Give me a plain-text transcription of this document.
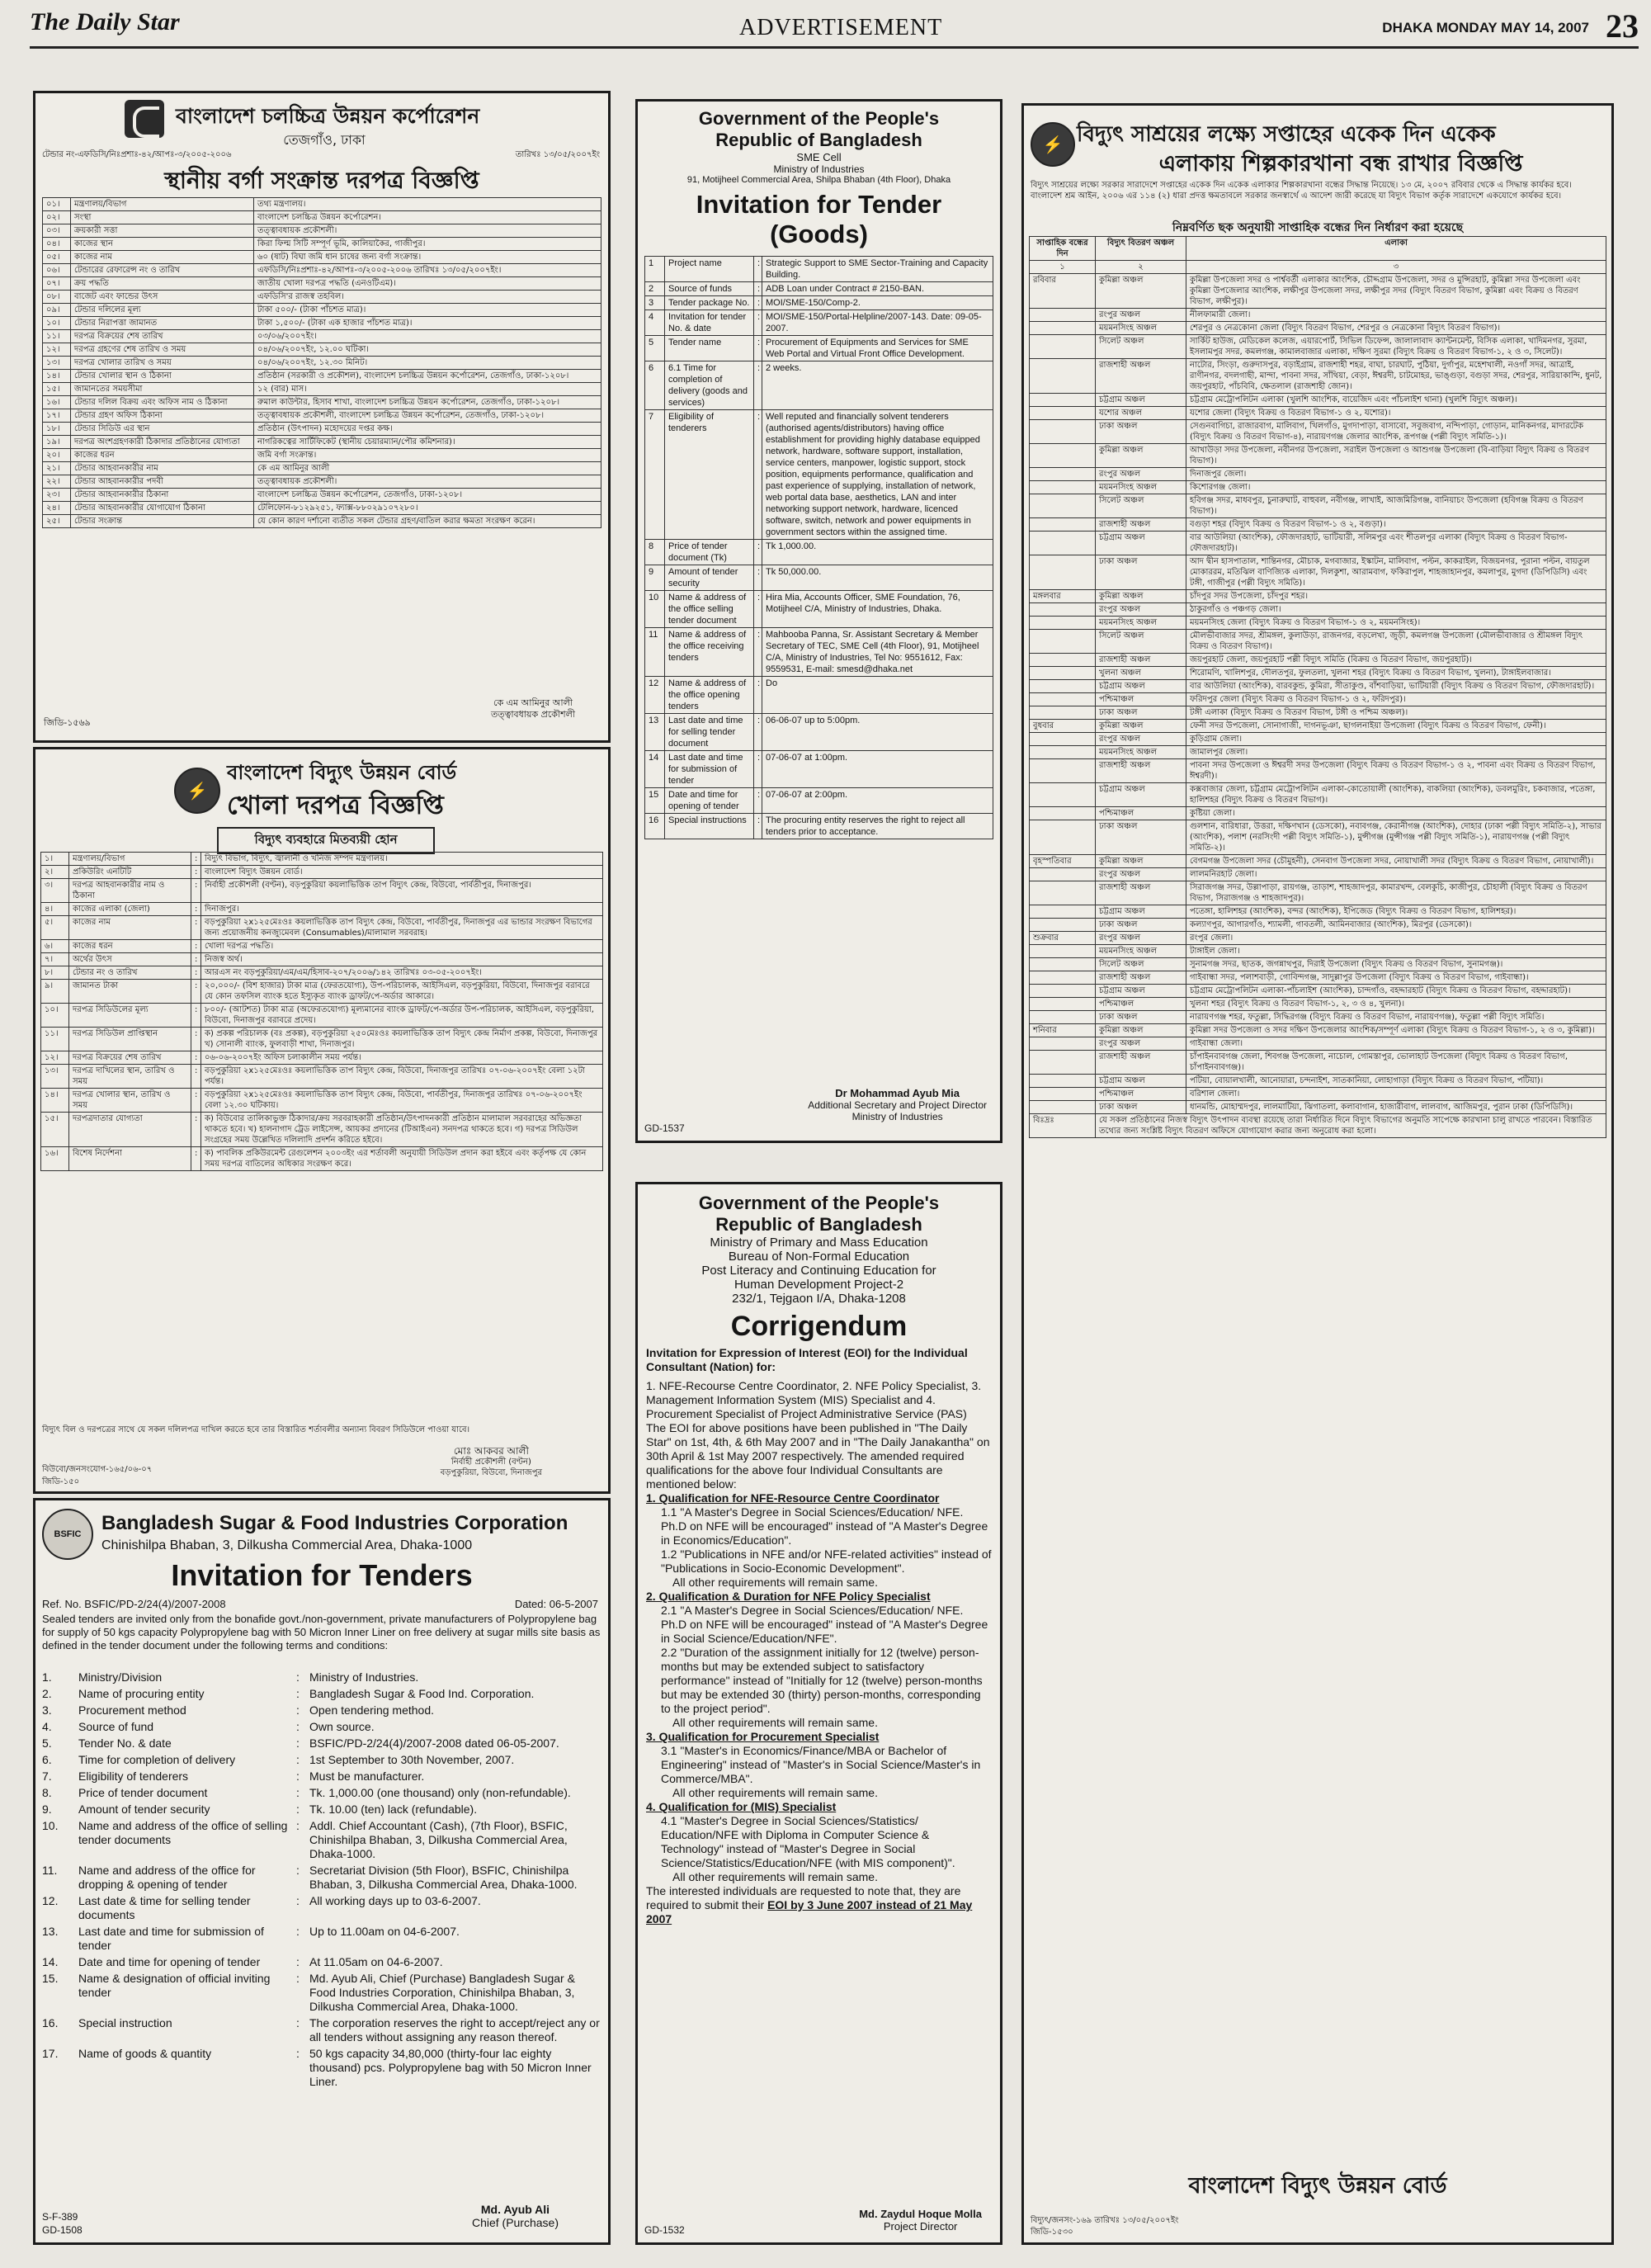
The Daily Star	ADVERTISEMENT	DHAKA MONDAY MAY 14, 2007 23
বাংলাদেশ চলচ্চিত্র উন্নয়ন কর্পোরেশন
তেজগাঁও, ঢাকা
টেন্ডার নং-এফডিসি/নিঃপ্রশাঃ-৪২/আপঃ-৩/২০০৫-২০০৬	তারিখঃ ১৩/০৫/২০০৭ইং
স্থানীয় বর্গা সংক্রান্ত দরপত্র বিজ্ঞপ্তি
০১।	মন্ত্রণালয়/বিভাগ	তথ্য মন্ত্রণালয়।
০২।	সংস্থা	বাংলাদেশ চলচ্চিত্র উন্নয়ন কর্পোরেশন।
০৩।	ক্রয়কারী সত্তা	তত্ত্বাবধায়ক প্রকৌশলী।
০৪।	কাজের স্থান	কিরা ফিল্ম সিটি সম্পূর্ণ ভূমি, কালিয়াকৈর, গাজীপুর।
০৫।	কাজের নাম	৬০ (ষাট) বিঘা জমি ধান চাষের জন্য বর্গা সংক্রান্ত।
০৬।	টেন্ডারের রেফারেন্স নং ও তারিখ	এফডিসি/নিঃপ্রশাঃ-৪২/আপঃ-৩/২০০৫-২০০৬ তারিখঃ ১৩/০৫/২০০৭ইং।
০৭।	ক্রয় পদ্ধতি	জাতীয় খোলা দরপত্র পদ্ধতি (এনওটিএম)।
০৮।	বাজেট এবং ফান্ডের উৎস	এফডিসি'র রাজস্ব তহবিল।
০৯।	টেন্ডার দলিলের মূল্য	টাকা ৫০০/- (টাকা পাঁচশত মাত্র)।
১০।	টেন্ডার নিরাপত্তা জামানত	টাকা ১,৫০০/- (টাকা এক হাজার পাঁচশত মাত্র)।
১১।	দরপত্র বিক্রয়ের শেষ তারিখ	০৩/০৬/২০০৭ইং।
১২।	দরপত্র গ্রহণের শেষ তারিখ ও সময়	০৪/০৬/২০০৭ইং, ১২.০০ ঘটিকা।
১৩।	দরপত্র খোলার তারিখ ও সময়	০৪/০৬/২০০৭ইং, ১২.৩০ মিনিট।
১৪।	টেন্ডার খোলার স্থান ও ঠিকানা	প্রতিষ্ঠান (সরকারী ও প্রকৌশল), বাংলাদেশ চলচ্চিত্র উন্নয়ন কর্পোরেশন, তেজগাঁও, ঢাকা-১২০৮।
১৫।	জামানতের সময়সীমা	১২ (বার) মাস।
১৬।	টেন্ডার দলিল বিক্রয় এবং অফিস নাম ও ঠিকানা	রুমাল কাউন্টার, হিসাব শাখা, বাংলাদেশ চলচ্চিত্র উন্নয়ন কর্পোরেশন, তেজগাঁও, ঢাকা-১২০৮।
১৭।	টেন্ডার গ্রহণ অফিস ঠিকানা	তত্ত্বাবধায়ক প্রকৌশলী, বাংলাদেশ চলচ্চিত্র উন্নয়ন কর্পোরেশন, তেজগাঁও, ঢাকা-১২০৮।
১৮।	টেন্ডার সিডিউ এর স্থান	প্রতিষ্ঠান (উৎপাদন) মহোদয়ের দপ্তর কক্ষ।
১৯।	দরপত্র অংশগ্রহণকারী ঠিকাদার প্রতিষ্ঠানের যোগ্যতা	নাগরিকত্বের সার্টিফিকেট (স্থানীয় চেয়ারম্যান/পৌর কমিশনার)।
২০।	কাজের ধরন	জমি বর্গা সংক্রান্ত।
২১।	টেন্ডার আহবানকারীর নাম	কে এম আমিনুর আলী
২২।	টেন্ডার আহবানকারীর পদবী	তত্ত্বাবধায়ক প্রকৌশলী।
২৩।	টেন্ডার আহবানকারীর ঠিকানা	বাংলাদেশ চলচ্চিত্র উন্নয়ন কর্পোরেশন, তেজগাঁও, ঢাকা-১২০৮।
২৪।	টেন্ডার আহবানকারীর যোগাযোগ ঠিকানা	টেলিফোন-৮১২৯২৫১, ফ্যাক্স-৮৮০২৯১০৭২৮০।
২৫।	টেন্ডার সংক্রান্ত	যে কোন কারণ দর্শানো ব্যতীত সকল টেন্ডার গ্রহণ/বাতিল করার ক্ষমতা সংরক্ষণ করেন।
জিডি-১৫৬৯
কে এম আমিনুর আলী
তত্ত্বাবধায়ক প্রকৌশলী
⚡
বাংলাদেশ বিদ্যুৎ উন্নয়ন বোর্ড
খোলা দরপত্র বিজ্ঞপ্তি
বিদ্যুৎ ব্যবহারে মিতব্যয়ী হোন
১।	মন্ত্রণালয়/বিভাগ	:	বিদ্যুৎ বিভাগ, বিদ্যুৎ, জ্বালানী ও খনিজ সম্পদ মন্ত্রণালয়।
২।	প্রকিউরিং এনটিটি	:	বাংলাদেশ বিদ্যুৎ উন্নয়ন বোর্ড।
৩।	দরপত্র আহবানকারীর নাম ও ঠিকানা	:	নির্বাহী প্রকৌশলী (বণ্টন), বড়পুকুরিয়া কয়লাভিত্তিক তাপ বিদ্যুৎ কেন্দ্র, বিউবো, পার্বতীপুর, দিনাজপুর।
৪।	কাজের এলাকা (জেলা)	:	দিনাজপুর।
৫।	কাজের নাম	:	বড়পুকুরিয়া ২x১২৫মেঃওঃ কয়লাভিত্তিক তাপ বিদ্যুৎ কেন্দ্র, বিউবো, পার্বতীপুর, দিনাজপুর এর ভান্ডার সংরক্ষণ বিভাগের জন্য প্রয়োজনীয় কনজ্যুমেবল (Consumables)/মালামাল সরবরাহ।
৬।	কাজের ধরন	:	খোলা দরপত্র পদ্ধতি।
৭।	অর্থের উৎস	:	নিজস্ব অর্থ।
৮।	টেন্ডার নং ও তারিখ	:	আরএস নং বড়পুকুরিয়া/এম/এম/হিসাব-২০৭/২০০৬/১৪২ তারিখঃ ০৩-০৫-২০০৭ইং।
৯।	জামানত টাকা	:	২০,০০০/- (বিশ হাজার) টাকা মাত্র (ফেরতযোগ্য), উপ-পরিচালক, আইসিএল, বড়পুকুরিয়া, বিউবো, দিনাজপুর বরাবরে যে কোন তফসিল ব্যাংক হতে ইস্যুকৃত ব্যাংক ড্রাফট/পে-অর্ডার আকারে।
১০।	দরপত্র সিডিউলের মূল্য	:	৮০০/- (আটশত) টাকা মাত্র (অফেরতযোগ্য) মূল্যমানের ব্যাংক ড্রাফট/পে-অর্ডার উপ-পরিচালক, আইসিএল, বড়পুকুরিয়া, বিউবো, দিনাজপুর বরাবরে প্রদেয়।
১১।	দরপত্র সিডিউল প্রাপ্তিস্থান	:	ক) প্রকল্প পরিচালক (বঃ প্রকল্প), বড়পুকুরিয়া ২৫০মেঃওঃ কয়লাভিত্তিক তাপ বিদ্যুৎ কেন্দ্র নির্মাণ প্রকল্প, বিউবো, দিনাজপুর খ) সোনালী ব্যাংক, ফুলবাড়ী শাখা, দিনাজপুর।
১২।	দরপত্র বিক্রয়ের শেষ তারিখ	:	০৬-০৬-২০০৭ইং অফিস চলাকালীন সময় পর্যন্ত।
১৩।	দরপত্র দাখিলের স্থান, তারিখ ও সময়	:	বড়পুকুরিয়া ২x১২৫মেঃওঃ কয়লাভিত্তিক তাপ বিদ্যুৎ কেন্দ্র, বিউবো, দিনাজপুর তারিখঃ ০৭-০৬-২০০৭ইং বেলা ১২টা পর্যন্ত।
১৪।	দরপত্র খোলার স্থান, তারিখ ও সময়	:	বড়পুকুরিয়া ২x১২৫মেঃওঃ কয়লাভিত্তিক তাপ বিদ্যুৎ কেন্দ্র, বিউবো, পার্বতীপুর, দিনাজপুর তারিখঃ ০৭-০৬-২০০৭ইং বেলা ১২.৩০ ঘটিকায়।
১৫।	দরপত্রদাতার যোগ্যতা	:	ক) বিউবোর তালিকাভুক্ত ঠিকাদার/ক্রয় সরবরাহকারী প্রতিষ্ঠান/উৎপাদনকারী প্রতিষ্ঠান মালামাল সরবরাহের অভিজ্ঞতা থাকতে হবে। খ) হালনাগাদ ট্রেড লাইসেন্স, আয়কর প্রদানের (টিআইএন) সনদপত্র থাকতে হবে। গ) দরপত্র সিডিউল সংগ্রহের সময় উল্লেখিত দলিলাদি প্রদর্শন করিতে হইবে।
১৬।	বিশেষ নির্দেশনা	:	ক) পাবলিক প্রকিউরমেন্ট রেগুলেশন ২০০৩ইং এর শর্তাবলী অনুযায়ী সিডিউল প্রদান করা হইবে এবং কর্তৃপক্ষ যে কোন সময় দরপত্র বাতিলের অধিকার সংরক্ষণ করে।
বিদ্যুৎ বিল ও দরপত্রের সাথে যে সকল দলিলপত্র দাখিল করতে হবে তার বিস্তারিত শর্তাবলীর অন্যান্য বিবরণ সিডিউলে পাওয়া যাবে।
বিউবো/জনসংযোগ-১৬৫/০৬-০৭
জিডি-১৫০
মোঃ আকবর আলী
নির্বাহী প্রকৌশলী (বণ্টন)
বড়পুকুরিয়া, বিউবো, দিনাজপুর
BSFIC	Bangladesh Sugar & Food Industries Corporation
Chinishilpa Bhaban, 3, Dilkusha Commercial Area, Dhaka-1000
Invitation for Tenders
Ref. No. BSFIC/PD-2/24(4)/2007-2008	Dated: 06-5-2007
Sealed tenders are invited only from the bonafide govt./non-government, private manufacturers of Polypropylene bag for supply of 50 kgs capacity Polypropylene bag with 50 Micron Inner Liner on free delivery at sugar mills site basis as defined in the tender document under the following terms and conditions:
1.	Ministry/Division	: Ministry of Industries.
2.	Name of procuring entity	: Bangladesh Sugar & Food Ind. Corporation.
3.	Procurement method	: Open tendering method.
4.	Source of fund	: Own source.
5.	Tender No. & date	: BSFIC/PD-2/24(4)/2007-2008 dated 06-05-2007.
6.	Time for completion of delivery	: 1st September to 30th November, 2007.
7.	Eligibility of tenderers	: Must be manufacturer.
8.	Price of tender document	: Tk. 1,000.00 (one thousand) only (non-refundable).
9.	Amount of tender security	: Tk. 10.00 (ten) lack (refundable).
10.	Name and address of the office of selling tender documents
: Addl. Chief Accountant (Cash), (7th Floor), BSFIC, Chinishilpa Bhaban, 3, Dilkusha Commercial Area, Dhaka-1000.
11.	Name and address of the office for dropping & opening of tender
: Secretariat Division (5th Floor), BSFIC, Chinishilpa Bhaban, 3, Dilkusha Commercial Area, Dhaka-1000.
12.	Last date & time for selling tender documents
: All working days up to 03-6-2007.
13.	Last date and time for submission of tender
: Up to 11.00am on 04-6-2007.
14.	Date and time for opening of tender	: At 11.05am on 04-6-2007.
15.	Name & designation of official inviting tender
: Md. Ayub Ali, Chief (Purchase) Bangladesh Sugar & Food Industries Corporation, Chinishilpa Bhaban, 3, Dilkusha Commercial Area, Dhaka-1000.
16.	Special instruction	: The corporation reserves the right to accept/reject any or all tenders without assigning any reason thereof.
17.	Name of goods & quantity	: 50 kgs capacity 34,80,000 (thirty-four lac eighty thousand) pcs. Polypropylene bag with 50 Micron Inner Liner.
Md. Ayub Ali
Chief (Purchase)
S-F-389
GD-1508
Government of the People's
Republic of Bangladesh
SME Cell
Ministry of Industries
91, Motijheel Commercial Area, Shilpa Bhaban (4th Floor), Dhaka
Invitation for Tender
(Goods)
1	Project name	:	Strategic Support to SME Sector-Training and Capacity Building.
2	Source of funds	:	ADB Loan under Contract # 2150-BAN.
3	Tender package No.	:	MOI/SME-150/Comp-2.
4	Invitation for tender No. & date	:	MOI/SME-150/Portal-Helpline/2007-143. Date: 09-05-2007.
5	Tender name	:	Procurement of Equipments and Services for SME Web Portal and Virtual Front Office Development.
6	6.1 Time for completion of delivery (goods and services)	:	2 weeks.
7	Eligibility of tenderers	:	Well reputed and financially solvent tenderers (authorised agents/distributors) having office establishment for providing highly database equipped network, hardware, software support, installation, service centers, manpower, logistic support, stock position, equipments performance, qualification and past experience of supplying, installation of network, web portal data base, aesthetics, LAN and inter networking support network, hardware, licenced software, switch, network and power equipments in government sectors within the assigned time.
8	Price of tender document (Tk)	:	Tk 1,000.00.
9	Amount of tender security	:	Tk 50,000.00.
10	Name & address of the office selling tender document	:	Hira Mia, Accounts Officer, SME Foundation, 76, Motijheel C/A, Ministry of Industries, Dhaka.
11	Name & address of the office receiving tenders	:	Mahbooba Panna, Sr. Assistant Secretary & Member Secretary of TEC, SME Cell (4th Floor), 91, Motijheel C/A, Ministry of Industries, Tel No: 9551612, Fax: 9559531, E-mail: smesd@dhaka.net
12	Name & address of the office opening tenders	:	Do
13	Last date and time for selling tender document	:	06-06-07 up to 5:00pm.
14	Last date and time for submission of tender	:	07-06-07 at 1:00pm.
15	Date and time for opening of tender	:	07-06-07 at 2:00pm.
16	Special instructions	:	The procuring entity reserves the right to reject all tenders prior to acceptance.
Dr Mohammad Ayub Mia
Additional Secretary and Project Director
Ministry of Industries
GD-1537
Government of the People's
Republic of Bangladesh
Ministry of Primary and Mass Education
Bureau of Non-Formal Education
Post Literacy and Continuing Education for
Human Development Project-2
232/1, Tejgaon I/A, Dhaka-1208
Corrigendum

Invitation for Expression of Interest (EOI) for the Individual Consultant (Nation) for:

1. NFE-Recourse Centre Coordinator, 2. NFE Policy Specialist, 3. Management Information System (MIS) Specialist and 4. Procurement Specialist of Project Administrative Service (PAS)

The EOI for above positions have been published in "The Daily Star" on 1st, 4th, & 6th May 2007 and in "The Daily Janakantha" on 30th April & 1st May 2007 respectively. The amended required qualifications for the above four Individual Consultants are mentioned below:

1. Qualification for NFE-Resource Centre Coordinator

1.1 "A Master's Degree in Social Sciences/Education/ NFE. Ph.D on NFE will be encouraged" instead of "A Master's Degree in Economics/Education".

1.2 "Publications in NFE and/or NFE-related activities" instead of "Publications in Socio-Economic Development".

All other requirements will remain same.

2. Qualification & Duration for NFE Policy Specialist

2.1 "A Master's Degree in Social Sciences/Education/ NFE. Ph.D on NFE will be encouraged" instead of "A Master's Degree in Social Science/Education/NFE".

2.2 "Duration of the assignment initially for 12 (twelve) person-months but may be extended subject to satisfactory performance" instead of "Initially for 12 (twelve) person-months but may be extended 30 (thirty) person-months, corresponding to the project period".

All other requirements will remain same.

3. Qualification for Procurement Specialist

3.1 "Master's in Economics/Finance/MBA or Bachelor of Engineering" instead of "Master's in Social Science/Master's in Commerce/MBA".

All other requirements will remain same.

4. Qualification for (MIS) Specialist

4.1 "Master's Degree in Social Sciences/Statistics/ Education/NFE with Diploma in Computer Science & Technology" instead of "Master's Degree in Social Science/Statistics/Education/NFE (with MIS component)".

All other requirements will remain same.

The interested individuals are requested to note that, they are required to submit their EOI by 3 June 2007 instead of 21 May 2007

Md. Zaydul Hoque Molla
Project Director
GD-1532
⚡ বিদ্যুৎ সাশ্রয়ের লক্ষ্যে সপ্তাহের একেক দিন একেক
এলাকায় শিল্পকারখানা বন্ধ রাখার বিজ্ঞপ্তি
বিদ্যুৎ সাশ্রয়ের লক্ষ্যে সরকার সারাদেশে সপ্তাহের একেক দিন একেক এলাকার শিল্পকারখানা বন্ধের সিদ্ধান্ত নিয়েছে। ১৩ মে, ২০০৭ রবিবার থেকে এ সিদ্ধান্ত কার্যকর হবে। বাংলাদেশ শ্রম আইন, ২০০৬ এর ১১৪ (২) ধারা প্রদত্ত ক্ষমতাবলে সরকার জনস্বার্থে এ আদেশ জারী করেছে যা বিদ্যুৎ বিভাগ কর্তৃক সারাদেশে একযোগে কার্যকর হবে।
নিম্নবর্ণিত ছক অনুযায়ী সাপ্তাহিক বন্ধের দিন নির্ধারণ করা হয়েছে
সাপ্তাহিক বন্ধের দিন	বিদ্যুৎ বিতরণ অঞ্চল	এলাকা
১	২	৩
রবিবার	কুমিল্লা অঞ্চল	কুমিল্লা উপজেলা সদর ও পার্শ্ববর্তী এলাকার আংশিক, চৌদ্দগ্রাম উপজেলা, সদর ও মুন্সিরহাট, কুমিল্লা সদর উপজেলা এবং কুমিল্লা উপজেলার আংশিক, লক্ষীপুর উপজেলা সদর, লক্ষীপুর সদর (বিদ্যুৎ বিতরণ বিভাগ, কুমিল্লা এবং বিক্রয় ও বিতরণ বিভাগ, লক্ষীপুর)।
	রংপুর অঞ্চল	নীলফামারী জেলা।
	ময়মনসিংহ অঞ্চল	শেরপুর ও নেত্রকোনা জেলা (বিদ্যুৎ বিতরণ বিভাগ, শেরপুর ও নেত্রকোনা বিদ্যুৎ বিতরণ বিভাগ)।
	সিলেট অঞ্চল	সার্কিট হাউজ, মেডিকেল কলেজ, এয়ারপোর্ট, সিভিল ডিফেন্স, জালালাবাদ ক্যান্টনমেন্ট, বিসিক এলাকা, খাদিমনগর, সুরমা, ইসলামপুর সদর, কমলগঞ্জ, কামালবাজার এলাকা, দক্ষিণ সুরমা (বিদ্যুৎ বিক্রয় ও বিতরণ বিভাগ-১, ২ ও ৩, সিলেট)।
	রাজশাহী অঞ্চল	নাটোর, সিংড়া, গুরুদাসপুর, বড়াইগ্রাম, রাজশাহী শহর, বাঘা, চারঘাট, পুঠিয়া, দুর্গাপুর, মহেশখালী, নওগাঁ সদর, আত্রাই, রাণীনগর, বদলগাছী, মান্দা, পাবনা সদর, সাঁথিয়া, বেড়া, ঈশ্বরদী, চাটমোহর, ভাঙ্গুড়া, বগুড়া সদর, শেরপুর, সারিয়াকান্দি, ধুনট, জয়পুরহাট, পাঁচবিবি, ক্ষেতলাল (রাজশাহী জোন)।
	চট্টগ্রাম অঞ্চল	চট্টগ্রাম মেট্রোপলিটন এলাকা (খুলশি আংশিক, বায়েজিদ এবং পাঁচলাইশ থানা) (খুলশি বিদ্যুৎ অঞ্চল)।
	যশোর অঞ্চল	যশোর জেলা (বিদ্যুৎ বিক্রয় ও বিতরণ বিভাগ-১ ও ২, যশোর)।
	ঢাকা অঞ্চল	সেগুনবাগিচা, রাজারবাগ, মালিবাগ, খিলগাঁও, মুগদাপাড়া, বাসাবো, সবুজবাগ, নন্দিপাড়া, গোড়ান, মানিকনগর, মাদারটেক (বিদ্যুৎ বিক্রয় ও বিতরণ বিভাগ-৪), নারায়ণগঞ্জ জেলার আংশিক, রূপগঞ্জ (পল্লী বিদ্যুৎ সমিতি-১)।
	কুমিল্লা অঞ্চল	আখাউড়া সদর উপজেলা, নবীনগর উপজেলা, সরাইল উপজেলা ও আশুগঞ্জ উপজেলা (বি-বাড়িয়া বিদ্যুৎ বিক্রয় ও বিতরণ বিভাগ)।
	রংপুর অঞ্চল	দিনাজপুর জেলা।
	ময়মনসিংহ অঞ্চল	কিশোরগঞ্জ জেলা।
	সিলেট অঞ্চল	হবিগঞ্জ সদর, মাধবপুর, চুনারুঘাট, বাহুবল, নবীগঞ্জ, লাখাই, আজমিরিগঞ্জ, বানিয়াচং উপজেলা (হবিগঞ্জ বিক্রয় ও বিতরণ বিভাগ)।
	রাজশাহী অঞ্চল	বগুড়া শহর (বিদ্যুৎ বিক্রয় ও বিতরণ বিভাগ-১ ও ২, বগুড়া)।
	চট্টগ্রাম অঞ্চল	বার আউলিয়া (আংশিক), ফৌজদারহাট, ভাটিয়ারী, সলিমপুর এবং শীতলপুর এলাকা (বিদ্যুৎ বিক্রয় ও বিতরণ বিভাগ-ফৌজদারহাট)।
	ঢাকা অঞ্চল	আদ দ্বীন হাসপাতাল, শান্তিনগর, মৌচাক, মগবাজার, ইস্কাটন, মালিবাগ, পল্টন, কাকরাইল, বিজয়নগর, পুরানা পল্টন, বায়তুল মোকাররম, মতিঝিল বাণিজ্যিক এলাকা, দিলকুশা, আরামবাগ, ফকিরাপুল, শাহজাহানপুর, কমলাপুর, মুগদা (ডিপিডিসি) এবং টঙ্গী, গাজীপুর (পল্লী বিদ্যুৎ সমিতি)।
মঙ্গলবার	কুমিল্লা অঞ্চল	চাঁদপুর সদর উপজেলা, চাঁদপুর শহর।
	রংপুর অঞ্চল	ঠাকুরগাঁও ও পঞ্চগড় জেলা।
	ময়মনসিংহ অঞ্চল	ময়মনসিংহ জেলা (বিদ্যুৎ বিক্রয় ও বিতরণ বিভাগ-১ ও ২, ময়মনসিংহ)।
	সিলেট অঞ্চল	মৌলভীবাজার সদর, শ্রীমঙ্গল, কুলাউড়া, রাজনগর, বড়লেখা, জুড়ী, কমলগঞ্জ উপজেলা (মৌলভীবাজার ও শ্রীমঙ্গল বিদ্যুৎ বিক্রয় ও বিতরণ বিভাগ)।
	রাজশাহী অঞ্চল	জয়পুরহাট জেলা, জয়পুরহাট পল্লী বিদ্যুৎ সমিতি (বিক্রয় ও বিতরণ বিভাগ, জয়পুরহাট)।
	খুলনা অঞ্চল	শিরোমণি, খালিশপুর, দৌলতপুর, ফুলতলা, খুলনা শহর (বিদ্যুৎ বিক্রয় ও বিতরণ বিভাগ, খুলনা), টাঙ্গাইলবাজার।
	চট্টগ্রাম অঞ্চল	বার আউলিয়া (আংশিক), বারবকুন্ড, কুমিরা, সীতাকুণ্ড, বাঁশবাড়িয়া, ভাটিয়ারী (বিদ্যুৎ বিক্রয় ও বিতরণ বিভাগ, ফৌজদারহাট)।
	পশ্চিমাঞ্চল	ফরিদপুর জেলা (বিদ্যুৎ বিক্রয় ও বিতরণ বিভাগ-১ ও ২, ফরিদপুর)।
	ঢাকা অঞ্চল	টঙ্গী এলাকা (বিদ্যুৎ বিক্রয় ও বিতরণ বিভাগ, টঙ্গী ও পশ্চিম অঞ্চল)।
বুধবার	কুমিল্লা অঞ্চল	ফেনী সদর উপজেলা, সোনাগাজী, দাগনভূঞা, ছাগলনাইয়া উপজেলা (বিদ্যুৎ বিক্রয় ও বিতরণ বিভাগ, ফেনী)।
	রংপুর অঞ্চল	কুড়িগ্রাম জেলা।
	ময়মনসিংহ অঞ্চল	জামালপুর জেলা।
	রাজশাহী অঞ্চল	পাবনা সদর উপজেলা ও ঈশ্বরদী সদর উপজেলা (বিদ্যুৎ বিক্রয় ও বিতরণ বিভাগ-১ ও ২, পাবনা এবং বিক্রয় ও বিতরণ বিভাগ, ঈশ্বরদী)।
	চট্টগ্রাম অঞ্চল	কক্সবাজার জেলা, চট্টগ্রাম মেট্রোপলিটন এলাকা-কোতোয়ালী (আংশিক), বাকলিয়া (আংশিক), ডবলমুরিং, চকবাজার, পতেঙ্গা, হালিশহর (বিদ্যুৎ বিক্রয় ও বিতরণ বিভাগ)।
	পশ্চিমাঞ্চল	কুষ্টিয়া জেলা।
	ঢাকা অঞ্চল	গুলশান, বারিধারা, উত্তরা, দক্ষিণখান (ডেসকো), নবাবগঞ্জ, কেরানীগঞ্জ (আংশিক), দোহার (ঢাকা পল্লী বিদ্যুৎ সমিতি-২), সাভার (আংশিক), পলাশ (নরসিংদী পল্লী বিদ্যুৎ সমিতি-১), মুন্সীগঞ্জ (মুন্সীগঞ্জ পল্লী বিদ্যুৎ সমিতি-১), নারায়ণগঞ্জ (পল্লী বিদ্যুৎ সমিতি-২)।
বৃহস্পতিবার	কুমিল্লা অঞ্চল	বেগমগঞ্জ উপজেলা সদর (চৌমুহনী), সেনবাগ উপজেলা সদর, নোয়াখালী সদর (বিদ্যুৎ বিক্রয় ও বিতরণ বিভাগ, নোয়াখালী)।
	রংপুর অঞ্চল	লালমনিরহাট জেলা।
	রাজশাহী অঞ্চল	সিরাজগঞ্জ সদর, উল্লাপাড়া, রায়গঞ্জ, তাড়াশ, শাহজাদপুর, কামারখন্দ, বেলকুচি, কাজীপুর, চৌহালী (বিদ্যুৎ বিক্রয় ও বিতরণ বিভাগ, সিরাজগঞ্জ ও শাহজাদপুর)।
	চট্টগ্রাম অঞ্চল	পতেঙ্গা, হালিশহর (আংশিক), বন্দর (আংশিক), ইপিজেড (বিদ্যুৎ বিক্রয় ও বিতরণ বিভাগ, হালিশহর)।
	ঢাকা অঞ্চল	কল্যাণপুর, আগারগাঁও, শ্যামলী, গাবতলী, আমিনবাজার (আংশিক), মিরপুর (ডেসকো)।
শুক্রবার	রংপুর অঞ্চল	রংপুর জেলা।
	ময়মনসিংহ অঞ্চল	টাঙ্গাইল জেলা।
	সিলেট অঞ্চল	সুনামগঞ্জ সদর, ছাতক, জগন্নাথপুর, দিরাই উপজেলা (বিদ্যুৎ বিক্রয় ও বিতরণ বিভাগ, সুনামগঞ্জ)।
	রাজশাহী অঞ্চল	গাইবান্ধা সদর, পলাশবাড়ী, গোবিন্দগঞ্জ, সাদুল্লাপুর উপজেলা (বিদ্যুৎ বিক্রয় ও বিতরণ বিভাগ, গাইবান্ধা)।
	চট্টগ্রাম অঞ্চল	চট্টগ্রাম মেট্রোপলিটন এলাকা-পাঁচলাইশ (আংশিক), চান্দগাঁও, বহদ্দারহাট (বিদ্যুৎ বিক্রয় ও বিতরণ বিভাগ, বহদ্দারহাট)।
	পশ্চিমাঞ্চল	খুলনা শহর (বিদ্যুৎ বিক্রয় ও বিতরণ বিভাগ-১, ২, ৩ ও ৪, খুলনা)।
	ঢাকা অঞ্চল	নারায়ণগঞ্জ শহর, ফতুল্লা, সিদ্ধিরগঞ্জ (বিদ্যুৎ বিক্রয় ও বিতরণ বিভাগ, নারায়ণগঞ্জ), ফতুল্লা পল্লী বিদ্যুৎ সমিতি।
শনিবার	কুমিল্লা অঞ্চল	কুমিল্লা সদর উপজেলা ও সদর দক্ষিণ উপজেলার আংশিক/সম্পূর্ণ এলাকা (বিদ্যুৎ বিক্রয় ও বিতরণ বিভাগ-১, ২ ও ৩, কুমিল্লা)।
	রংপুর অঞ্চল	গাইবান্ধা জেলা।
	রাজশাহী অঞ্চল	চাঁপাইনবাবগঞ্জ জেলা, শিবগঞ্জ উপজেলা, নাচোল, গোমস্তাপুর, ভোলাহাট উপজেলা (বিদ্যুৎ বিক্রয় ও বিতরণ বিভাগ, চাঁপাইনবাবগঞ্জ)।
	চট্টগ্রাম অঞ্চল	পটিয়া, বোয়ালখালী, আনোয়ারা, চন্দনাইশ, সাতকানিয়া, লোহাগাড়া (বিদ্যুৎ বিক্রয় ও বিতরণ বিভাগ, পটিয়া)।
	পশ্চিমাঞ্চল	বরিশাল জেলা।
	ঢাকা অঞ্চল	ধানমন্ডি, মোহাম্মদপুর, লালমাটিয়া, ঝিগাতলা, কলাবাগান, হাজারীবাগ, লালবাগ, আজিমপুর, পুরান ঢাকা (ডিপিডিসি)।
বিঃদ্রঃ	যে সকল প্রতিষ্ঠানের নিজস্ব বিদ্যুৎ উৎপাদন ব্যবস্থা রয়েছে তারা নির্ধারিত দিনে বিদ্যুৎ বিভাগের অনুমতি সাপেক্ষে কারখানা চালু রাখতে পারবেন। বিস্তারিত তথ্যের জন্য সংশ্লিষ্ট বিদ্যুৎ বিতরণ অফিসে যোগাযোগ করার জন্য অনুরোধ করা হলো।
বাংলাদেশ বিদ্যুৎ উন্নয়ন বোর্ড
বিদ্যুৎ/জনসং-১৬৯ তারিখঃ ১৩/০৫/২০০৭ইং
জিডি-১৫৩০
